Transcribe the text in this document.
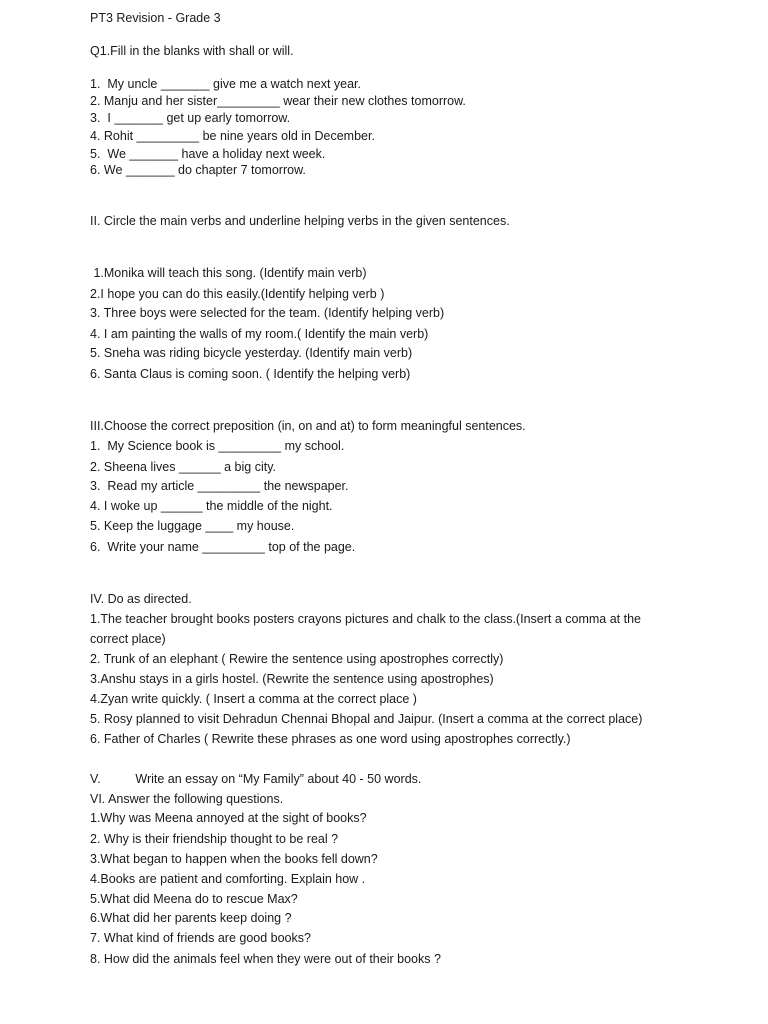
PT3 Revision - Grade 3
Q1.Fill in the blanks with shall or will.
1.  My uncle _______ give me a watch next year.
2. Manju and her sister_________ wear their new clothes tomorrow.
3.  I _______ get up early tomorrow.
4. Rohit _________ be nine years old in December.
5.  We _______ have a holiday next week.
6. We _______ do chapter 7 tomorrow.
II. Circle the main verbs and underline helping verbs in the given sentences.
1.Monika will teach this song. (Identify main verb)
2.I hope you can do this easily.(Identify helping verb )
3. Three boys were selected for the team. (Identify helping verb)
4. I am painting the walls of my room.( Identify the main verb)
5. Sneha was riding bicycle yesterday. (Identify main verb)
6. Santa Claus is coming soon. ( Identify the helping verb)
III.Choose the correct preposition (in, on and at) to form meaningful sentences.
1.  My Science book is _________ my school.
2. Sheena lives ______ a big city.
3.  Read my article _________ the newspaper.
4. I woke up ______ the middle of the night.
5. Keep the luggage ____ my house.
6.  Write your name _________ top of the page.
IV. Do as directed.
1.The teacher brought books posters crayons pictures and chalk to the class.(Insert a comma at the correct place)
2. Trunk of an elephant ( Rewire the sentence using apostrophes correctly)
3.Anshu stays in a girls hostel. (Rewrite the sentence using apostrophes)
4.Zyan write quickly. ( Insert a comma at the correct place )
5. Rosy planned to visit Dehradun Chennai Bhopal and Jaipur. (Insert a comma at the correct place)
6. Father of Charles ( Rewrite these phrases as one word using apostrophes correctly.)
V.          Write an essay on “My Family” about 40 - 50 words.
VI. Answer the following questions.
1.Why was Meena annoyed at the sight of books?
2. Why is their friendship thought to be real ?
3.What began to happen when the books fell down?
4.Books are patient and comforting. Explain how .
5.What did Meena do to rescue Max?
6.What did her parents keep doing ?
7. What kind of friends are good books?
8. How did the animals feel when they were out of their books ?
